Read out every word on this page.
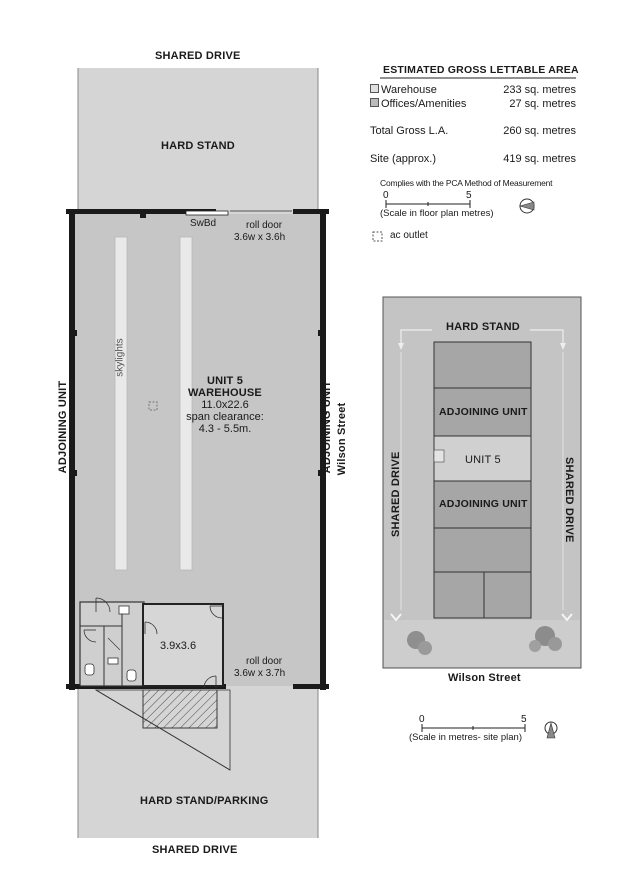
SHARED DRIVE
HARD STAND
SwBd	roll door
3.6w x 3.6h
skylights
UNIT 5
WAREHOUSE
11.0x22.6
span clearance:
4.3 - 5.5m.
ADJOINING UNIT	ADJOINING UNIT Wilson Street
3.9x3.6
roll door
3.6w x 3.7h
HARD STAND/PARKING
SHARED DRIVE
ESTIMATED GROSS LETTABLE AREA
Warehouse	233 sq. metres
Offices/Amenities	27 sq. metres
Total Gross L.A.	260 sq. metres
Site (approx.)	419 sq. metres
Complies with the PCA Method of Measurement
0	5
(Scale in floor plan metres)
ac outlet
HARD STAND
ADJOINING UNIT
UNIT 5
ADJOINING UNIT
SHARED DRIVE	SHARED DRIVE
Wilson Street
0	5
(Scale in metres- site plan)
